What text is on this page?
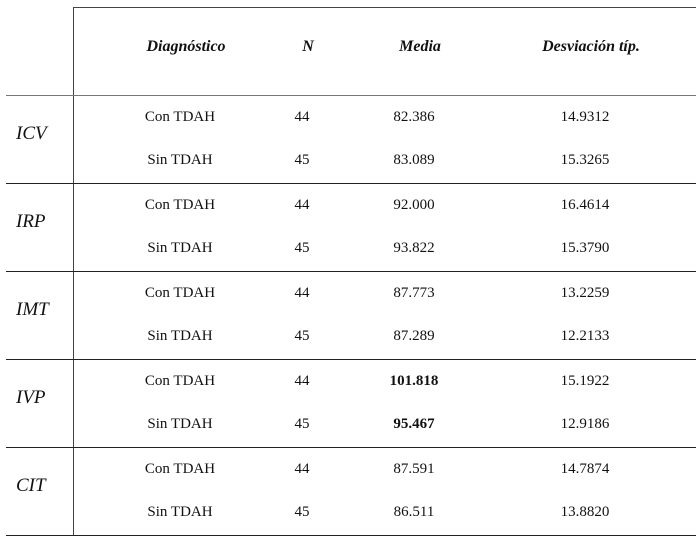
Diagnóstico	N	Media	Desviación típ.
ICV
Con TDAH	44	82.386	14.9312
Sin TDAH	45	83.089	15.3265
IRP
Con TDAH	44	92.000	16.4614
Sin TDAH	45	93.822	15.3790
IMT
Con TDAH	44	87.773	13.2259
Sin TDAH	45	87.289	12.2133
IVP
Con TDAH	44	101.818	15.1922
Sin TDAH	45	95.467	12.9186
CIT
Con TDAH	44	87.591	14.7874
Sin TDAH	45	86.511	13.8820
